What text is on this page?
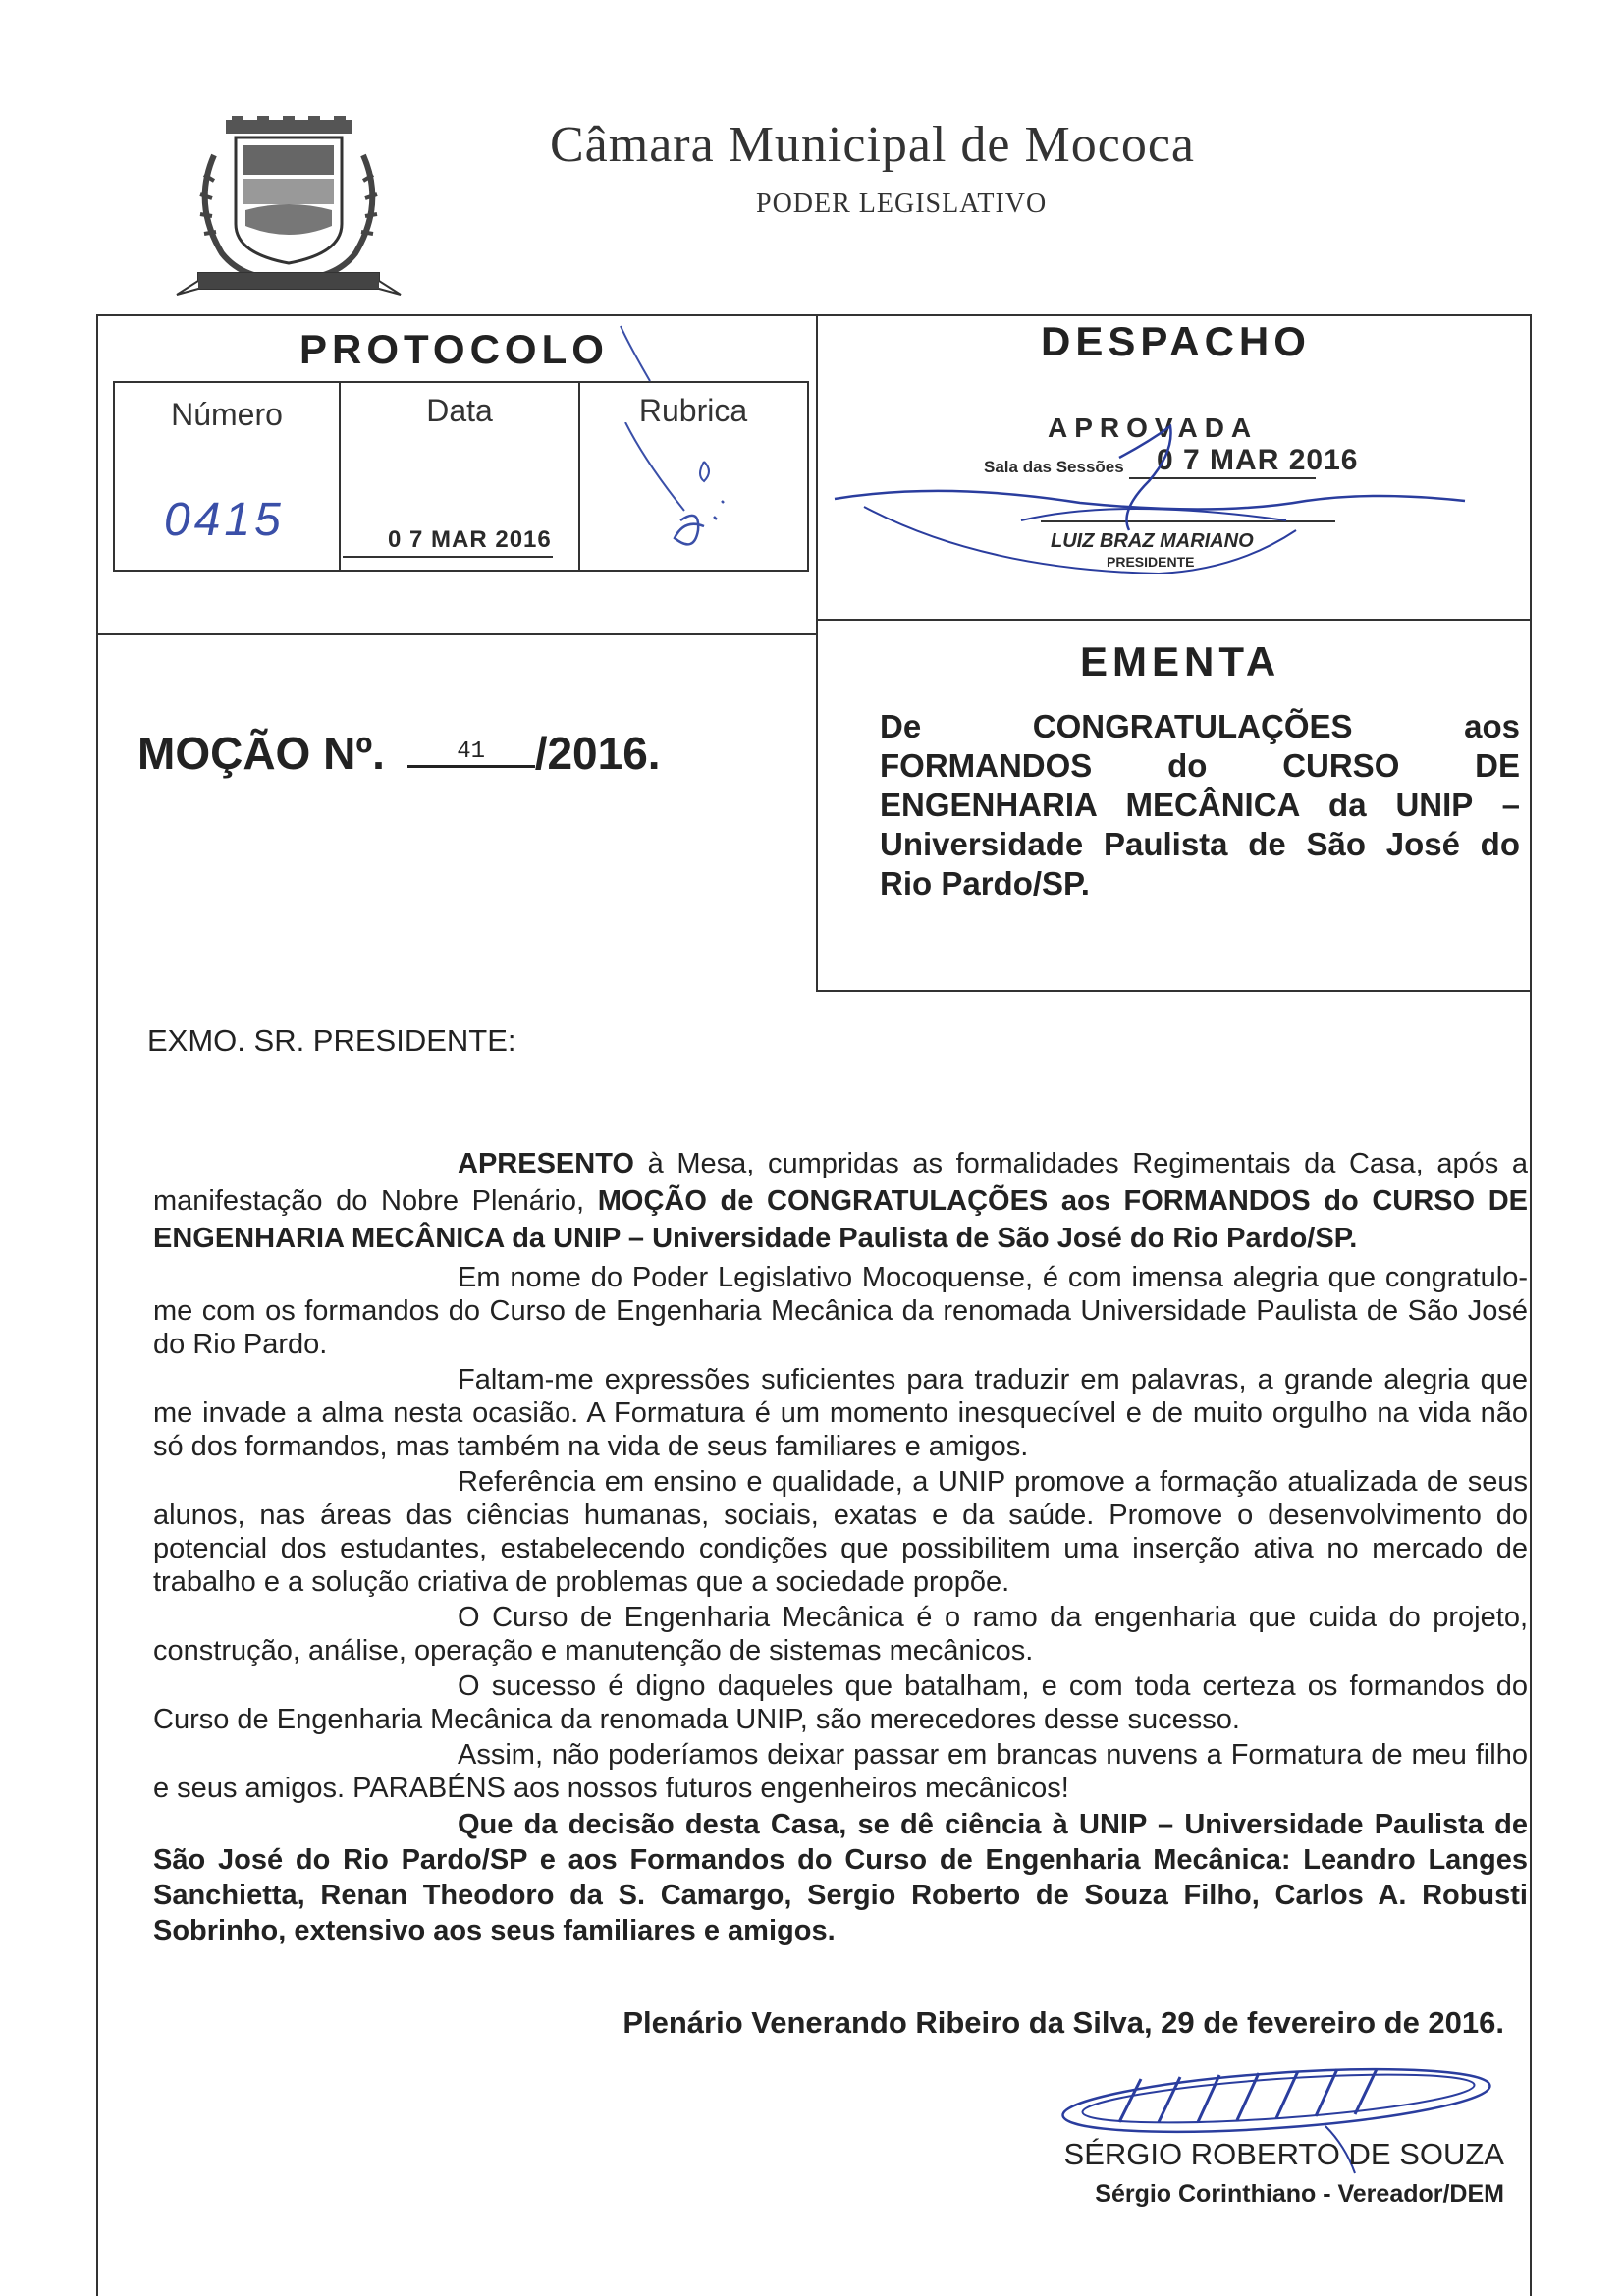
Câmara Municipal de Mococa
PODER LEGISLATIVO
PROTOCOLO
Número	Data	Rubrica
0415	0 7 MAR 2016
DESPACHO
APROVADA
Sala das Sessões 0 7 MAR 2016
LUIZ BRAZ MARIANO
PRESIDENTE
EMENTA
De CONGRATULAÇÕES aos FORMANDOS do CURSO DE ENGENHARIA MECÂNICA da UNIP – Universidade Paulista de São José do Rio Pardo/SP.
MOÇÃO Nº.	41 /2016.
EXMO. SR. PRESIDENTE:

APRESENTO à Mesa, cumpridas as formalidades Regimentais da Casa, após a manifestação do Nobre Plenário, MOÇÃO de CONGRATULAÇÕES aos FORMANDOS do CURSO DE ENGENHARIA MECÂNICA da UNIP – Universidade Paulista de São José do Rio Pardo/SP.

Em nome do Poder Legislativo Mocoquense, é com imensa alegria que congratulo-me com os formandos do Curso de Engenharia Mecânica da renomada Universidade Paulista de São José do Rio Pardo.

Faltam-me expressões suficientes para traduzir em palavras, a grande alegria que me invade a alma nesta ocasião. A Formatura é um momento inesquecível e de muito orgulho na vida não só dos formandos, mas também na vida de seus familiares e amigos.

Referência em ensino e qualidade, a UNIP promove a formação atualizada de seus alunos, nas áreas das ciências humanas, sociais, exatas e da saúde. Promove o desenvolvimento do potencial dos estudantes, estabelecendo condições que possibilitem uma inserção ativa no mercado de trabalho e a solução criativa de problemas que a sociedade propõe.

O Curso de Engenharia Mecânica é o ramo da engenharia que cuida do projeto, construção, análise, operação e manutenção de sistemas mecânicos.

O sucesso é digno daqueles que batalham, e com toda certeza os formandos do Curso de Engenharia Mecânica da renomada UNIP, são merecedores desse sucesso.

Assim, não poderíamos deixar passar em brancas nuvens a Formatura de meu filho e seus amigos. PARABÉNS aos nossos futuros engenheiros mecânicos!

Que da decisão desta Casa, se dê ciência à UNIP – Universidade Paulista de São José do Rio Pardo/SP e aos Formandos do Curso de Engenharia Mecânica: Leandro Langes Sanchietta, Renan Theodoro da S. Camargo, Sergio Roberto de Souza Filho, Carlos A. Robusti Sobrinho, extensivo aos seus familiares e amigos.

Plenário Venerando Ribeiro da Silva, 29 de fevereiro de 2016.
SÉRGIO ROBERTO DE SOUZA
Sérgio Corinthiano - Vereador/DEM
